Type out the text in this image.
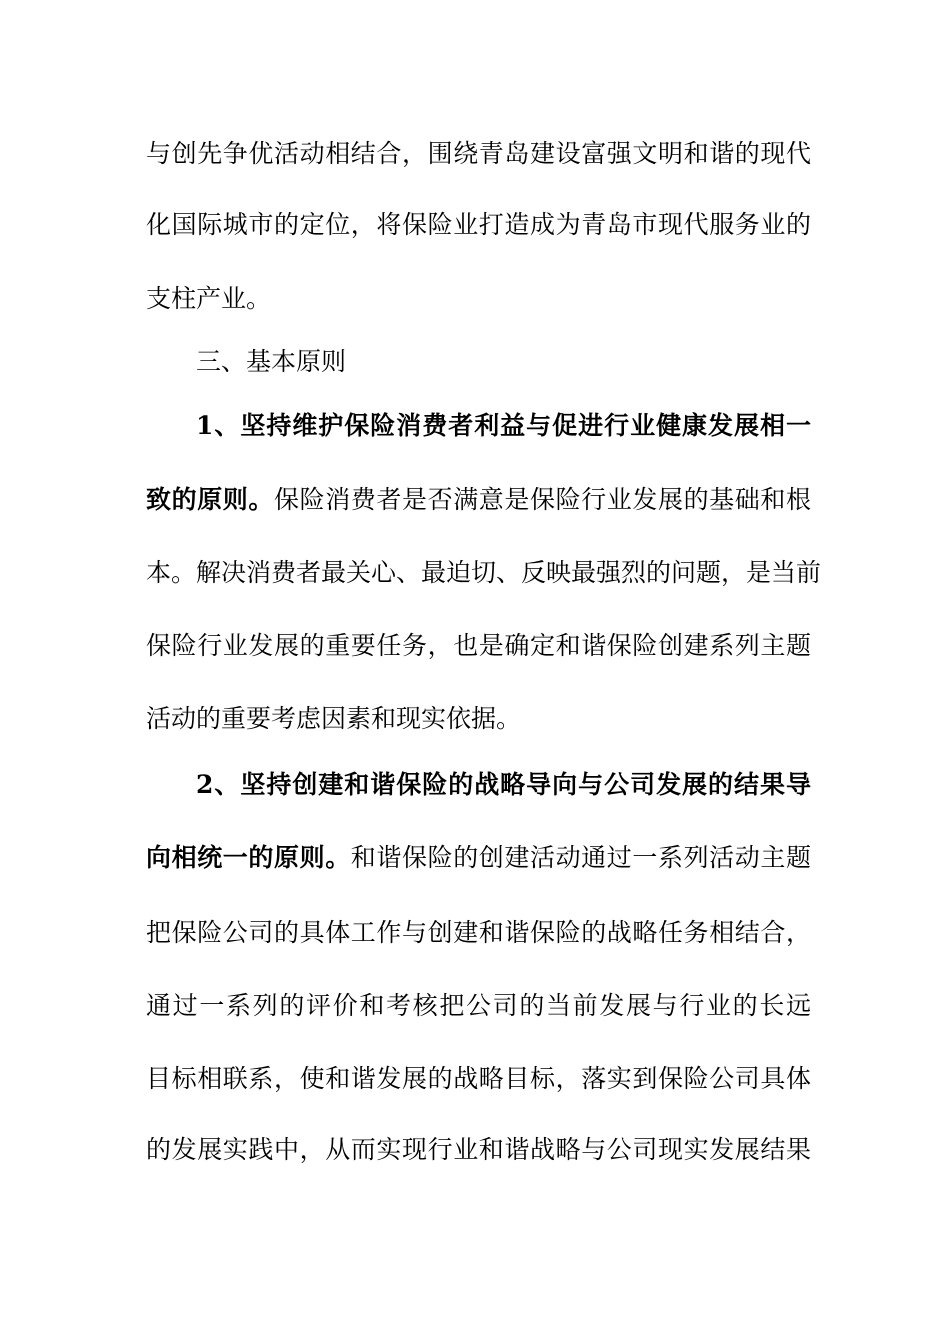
与创先争优活动相结合，围绕青岛建设富强文明和谐的现代
化国际城市的定位，将保险业打造成为青岛市现代服务业的
支柱产业。
三、基本原则
1、坚持维护保险消费者利益与促进行业健康发展相一
致的原则。保险消费者是否满意是保险行业发展的基础和根
本。解决消费者最关心、最迫切、反映最强烈的问题，是当前
保险行业发展的重要任务，也是确定和谐保险创建系列主题
活动的重要考虑因素和现实依据。
2、坚持创建和谐保险的战略导向与公司发展的结果导
向相统一的原则。和谐保险的创建活动通过一系列活动主题
把保险公司的具体工作与创建和谐保险的战略任务相结合，
通过一系列的评价和考核把公司的当前发展与行业的长远
目标相联系，使和谐发展的战略目标，落实到保险公司具体
的发展实践中，从而实现行业和谐战略与公司现实发展结果
